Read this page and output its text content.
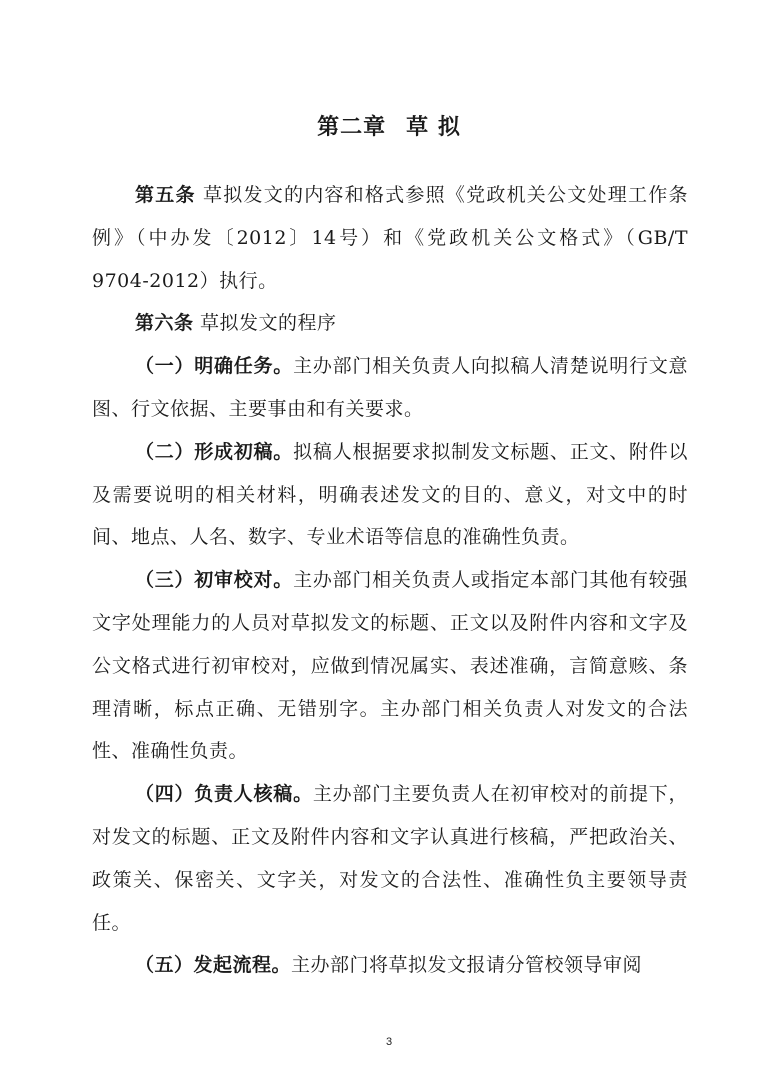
第二章 草 拟

第五条 草拟发文的内容和格式参照《党政机关公文处理工作条例》（中办发〔2012〕14号）和《党政机关公文格式》（GB/T 9704-2012）执行。

第六条 草拟发文的程序

（一）明确任务。主办部门相关负责人向拟稿人清楚说明行文意图、行文依据、主要事由和有关要求。

（二）形成初稿。拟稿人根据要求拟制发文标题、正文、附件以及需要说明的相关材料，明确表述发文的目的、意义，对文中的时间、地点、人名、数字、专业术语等信息的准确性负责。

（三）初审校对。主办部门相关负责人或指定本部门其他有较强文字处理能力的人员对草拟发文的标题、正文以及附件内容和文字及公文格式进行初审校对，应做到情况属实、表述准确，言简意赅、条理清晰，标点正确、无错别字。主办部门相关负责人对发文的合法性、准确性负责。

（四）负责人核稿。主办部门主要负责人在初审校对的前提下，对发文的标题、正文及附件内容和文字认真进行核稿，严把政治关、政策关、保密关、文字关，对发文的合法性、准确性负主要领导责任。

（五）发起流程。主办部门将草拟发文报请分管校领导审阅

3
